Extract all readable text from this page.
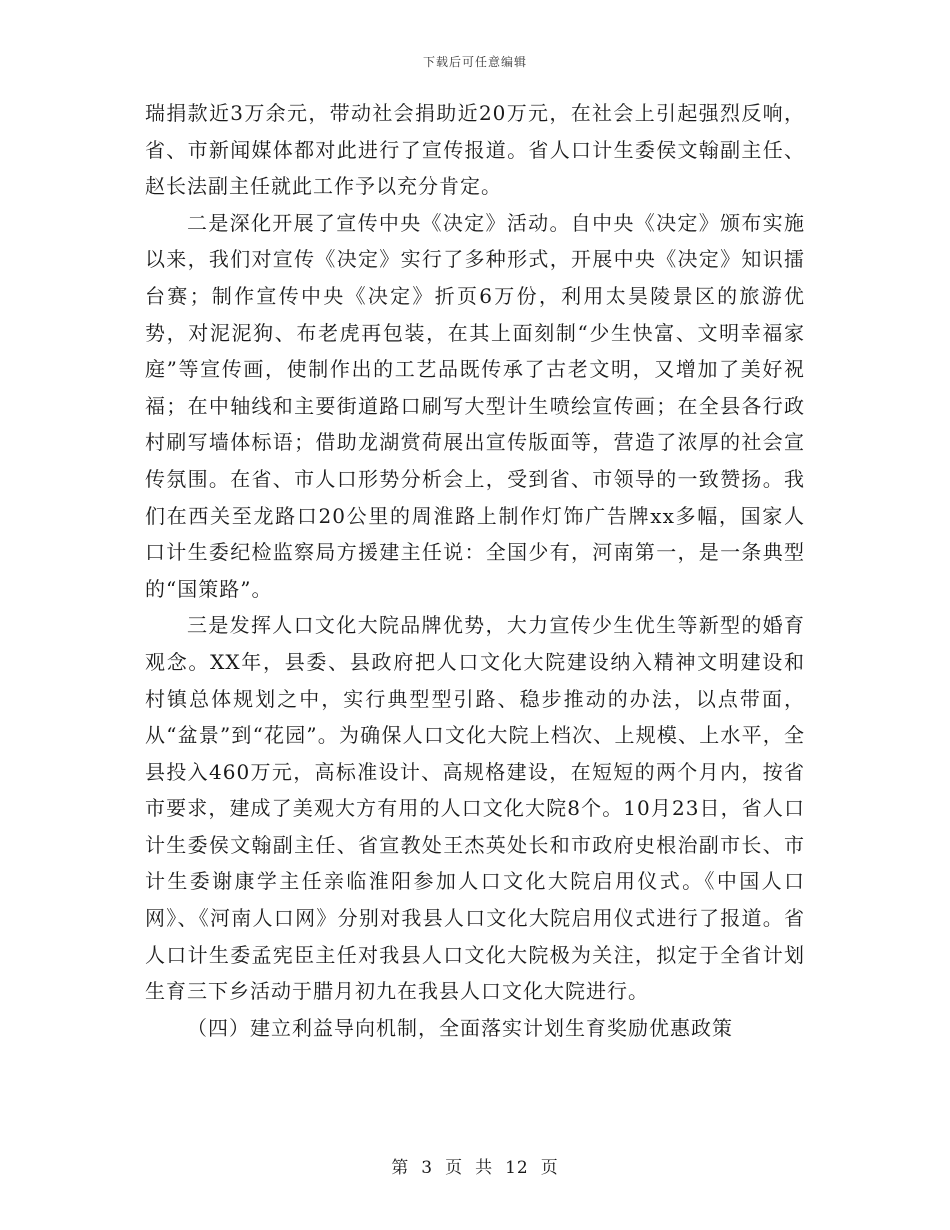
下载后可任意编辑

瑞捐款近3万余元，带动社会捐助近20万元，在社会上引起强烈反响，省、市新闻媒体都对此进行了宣传报道。省人口计生委侯文翰副主任、赵长法副主任就此工作予以充分肯定。

二是深化开展了宣传中央《决定》活动。自中央《决定》颁布实施以来，我们对宣传《决定》实行了多种形式，开展中央《决定》知识擂台赛；制作宣传中央《决定》折页6万份，利用太昊陵景区的旅游优势，对泥泥狗、布老虎再包装，在其上面刻制“少生快富、文明幸福家庭”等宣传画，使制作出的工艺品既传承了古老文明，又增加了美好祝福；在中轴线和主要街道路口刷写大型计生喷绘宣传画；在全县各行政村刷写墙体标语；借助龙湖赏荷展出宣传版面等，营造了浓厚的社会宣传氛围。在省、市人口形势分析会上，受到省、市领导的一致赞扬。我们在西关至龙路口20公里的周淮路上制作灯饰广告牌xx多幅，国家人口计生委纪检监察局方援建主任说：全国少有，河南第一，是一条典型的“国策路”。

三是发挥人口文化大院品牌优势，大力宣传少生优生等新型的婚育观念。XX年，县委、县政府把人口文化大院建设纳入精神文明建设和村镇总体规划之中，实行典型型引路、稳步推动的办法，以点带面，从“盆景”到“花园”。为确保人口文化大院上档次、上规模、上水平，全县投入460万元，高标准设计、高规格建设，在短短的两个月内，按省市要求，建成了美观大方有用的人口文化大院8个。10月23日，省人口计生委侯文翰副主任、省宣教处王杰英处长和市政府史根治副市长、市计生委谢康学主任亲临淮阳参加人口文化大院启用仪式。《中国人口网》、《河南人口网》分别对我县人口文化大院启用仪式进行了报道。省人口计生委孟宪臣主任对我县人口文化大院极为关注，拟定于全省计划生育三下乡活动于腊月初九在我县人口文化大院进行。

（四）建立利益导向机制，全面落实计划生育奖励优惠政策

第 3 页 共 12 页
